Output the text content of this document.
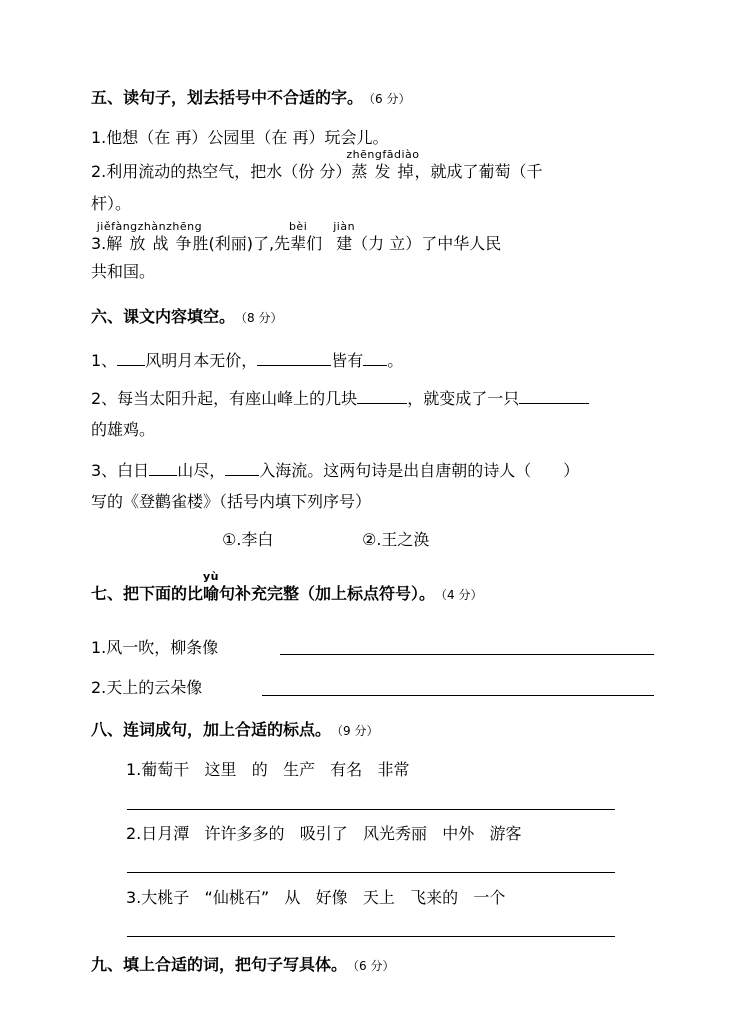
五、读句子，划去括号中不合适的字。 （6 分）
1.他想（在 再）公园里（在 再）玩会儿。
2.利用流动的热空气，把水（份 分）
zhēngfādiào
蒸 发 掉，就成了葡萄（千
杆）。
3.
jiěfàngzhànzhēng
解 放 战 争胜(利丽)了,先
bèi
辈们
jiàn
建（力 立）了中华人民
共和国。
六、课文内容填空。 （8 分）
1、 风明月本无价，	皆有 。
2、每当太阳升起，有座山峰上的几块	，就变成了一只
的雄鸡。
3、白日 山尽， 入海流。这两句诗是出自唐朝的诗人（ ）
写的《登鹳雀楼》（括号内填下列序号）
①.李白	②.王之涣
七、把下面的比
yù
喻句补充完整（加上标点符号）。 （4 分）
1.风一吹，柳条像
2.天上的云朵像
八、连词成句，加上合适的标点。 （9 分）
1.葡萄干   这里   的   生产   有名   非常
2.日月潭   许许多多的   吸引了   风光秀丽   中外   游客
3.大桃子   “仙桃石”   从   好像   天上   飞来的   一个
九、填上合适的词，把句子写具体。 （6 分）
